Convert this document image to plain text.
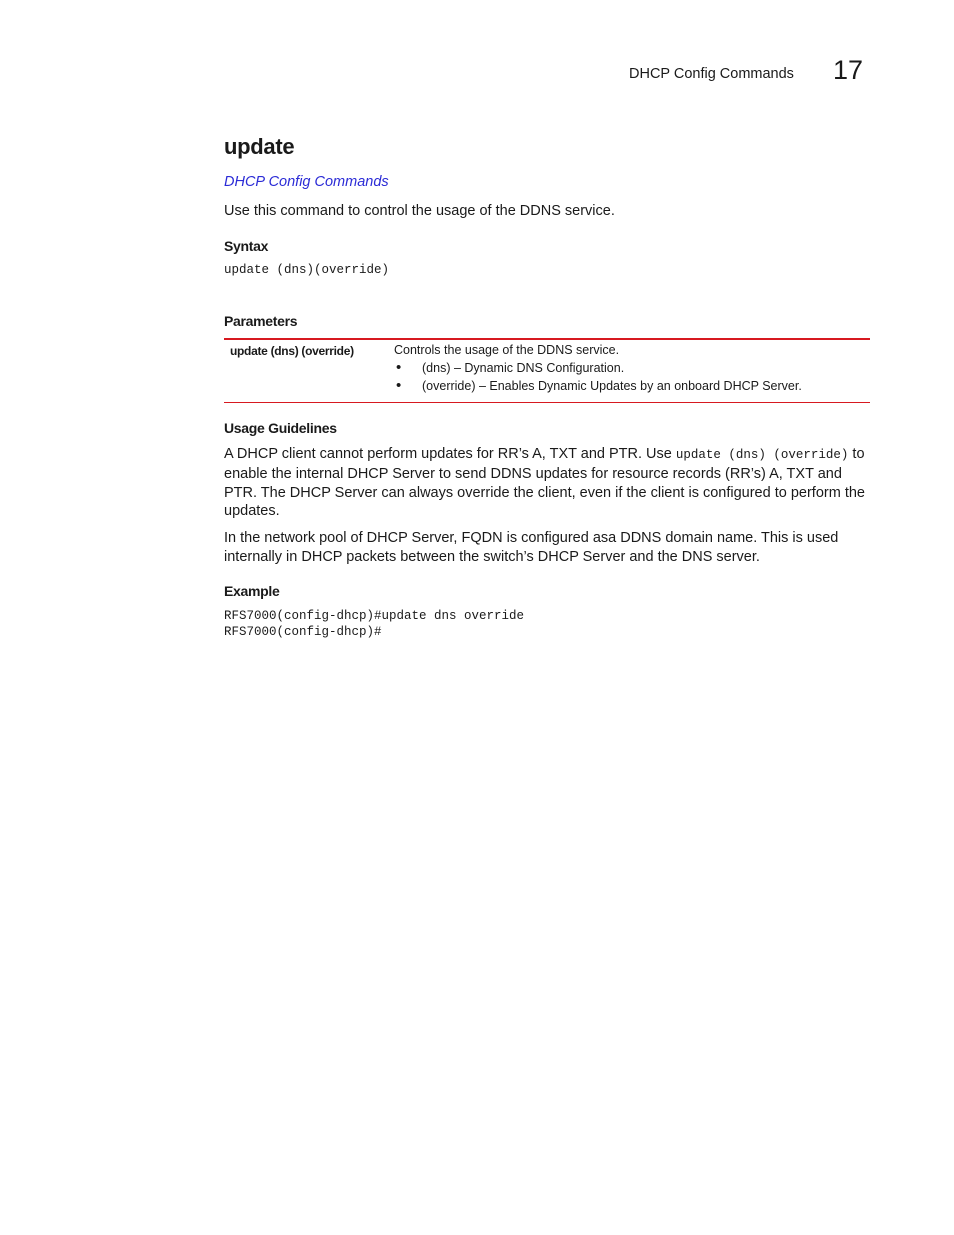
DHCP Config Commands 17
update
DHCP Config Commands

Use this command to control the usage of the DDNS service.

Syntax
update (dns)(override)
Parameters
update (dns) (override)	Controls the usage of the DDNS service.
• (dns) – Dynamic DNS Configuration.
• (override) – Enables Dynamic Updates by an onboard DHCP Server.
Usage Guidelines

A DHCP client cannot perform updates for RR’s A, TXT and PTR. Use update (dns) (override) to enable the internal DHCP Server to send DDNS updates for resource records (RR’s) A, TXT and PTR. The DHCP Server can always override the client, even if the client is configured to perform the updates.

In the network pool of DHCP Server, FQDN is configured asa DDNS domain name. This is used internally in DHCP packets between the switch’s DHCP Server and the DNS server.

Example
RFS7000(config-dhcp)#update dns override
RFS7000(config-dhcp)#
